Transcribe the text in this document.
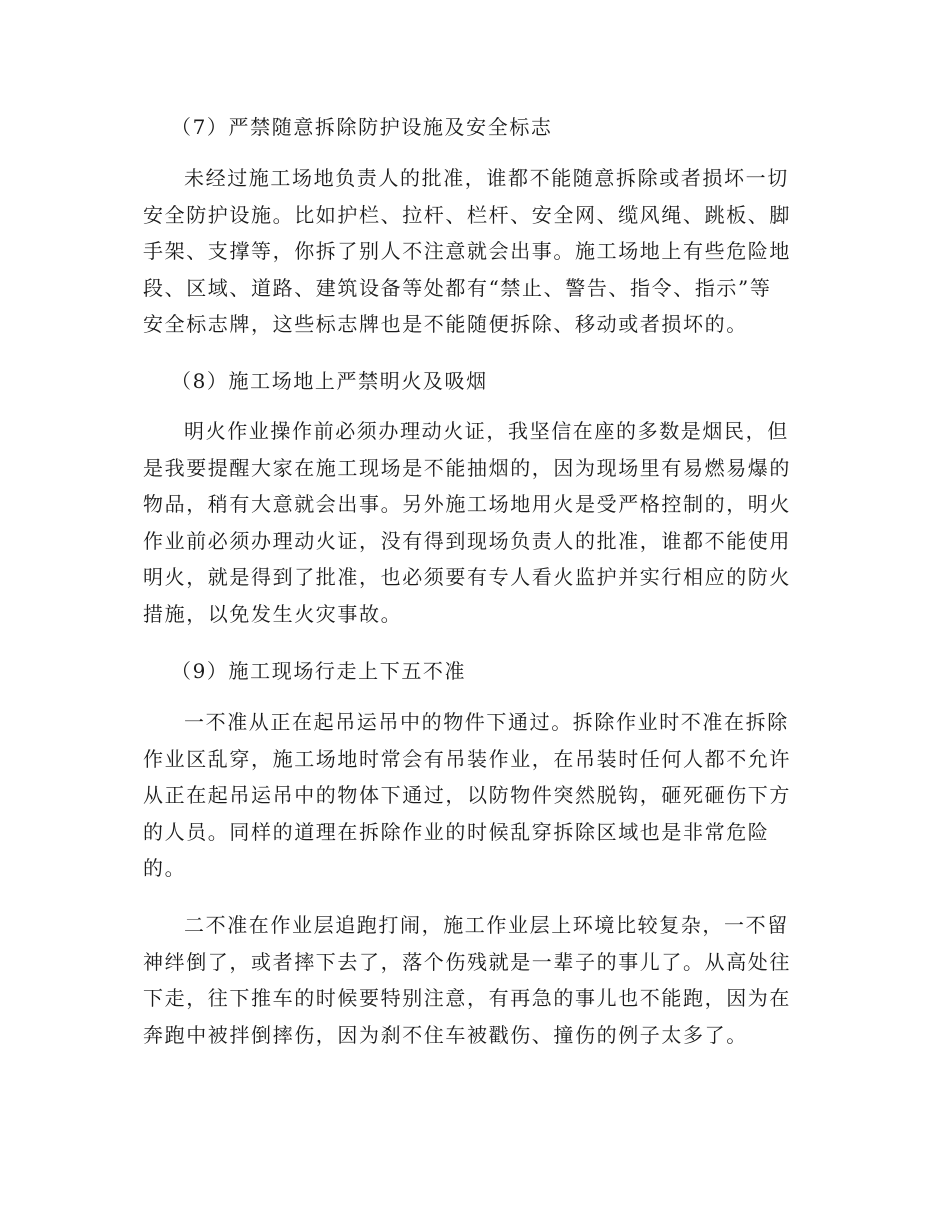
（7）严禁随意拆除防护设施及安全标志
未经过施工场地负责人的批准，谁都不能随意拆除或者损坏一切
安全防护设施。比如护栏、拉杆、栏杆、安全网、缆风绳、跳板、脚
手架、支撑等，你拆了别人不注意就会出事。施工场地上有些危险地
段、区域、道路、建筑设备等处都有“禁止、警告、指令、指示”等
安全标志牌，这些标志牌也是不能随便拆除、移动或者损坏的。
（8）施工场地上严禁明火及吸烟
明火作业操作前必须办理动火证，我坚信在座的多数是烟民，但
是我要提醒大家在施工现场是不能抽烟的，因为现场里有易燃易爆的
物品，稍有大意就会出事。另外施工场地用火是受严格控制的，明火
作业前必须办理动火证，没有得到现场负责人的批准，谁都不能使用
明火，就是得到了批准，也必须要有专人看火监护并实行相应的防火
措施，以免发生火灾事故。
（9）施工现场行走上下五不准
一不准从正在起吊运吊中的物件下通过。拆除作业时不准在拆除
作业区乱穿，施工场地时常会有吊装作业，在吊装时任何人都不允许
从正在起吊运吊中的物体下通过，以防物件突然脱钩，砸死砸伤下方
的人员。同样的道理在拆除作业的时候乱穿拆除区域也是非常危险
的。
二不准在作业层追跑打闹，施工作业层上环境比较复杂，一不留
神绊倒了，或者摔下去了，落个伤残就是一辈子的事儿了。从高处往
下走，往下推车的时候要特别注意，有再急的事儿也不能跑，因为在
奔跑中被拌倒摔伤，因为刹不住车被戳伤、撞伤的例子太多了。
